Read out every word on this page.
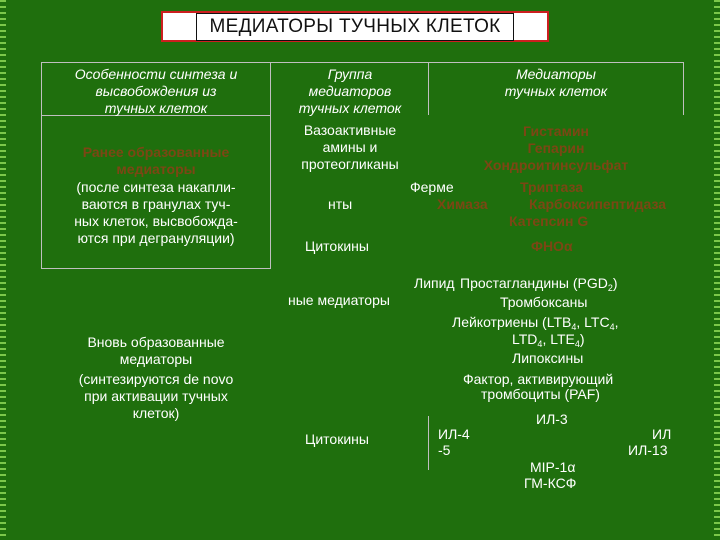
МЕДИАТОРЫ ТУЧНЫХ КЛЕТОК
Особенности синтеза и
высвобождения из
тучных клеток
Группа
медиаторов
тучных клеток
Медиаторы
тучных клеток
Ранее образованные
медиаторы
(после синтеза накапли-
ваются в гранулах туч-
ных клеток, высвобожда-
ются при дегрануляции)
Вазоактивные
амины и
протеогликаны
Ферме
нты
Цитокины
Гистамин
Гепарин
Хондроитинсульфат
Триптаза
Химаза	Карбоксипептидаза
Катепсин G
ФНОα
Вновь образованные
медиаторы
(синтезируются de novo
при активации тучных
клеток)
Липид
ные медиаторы
Цитокины
Простагландины $(PGD_2)$
Тромбоксаны
Лейкотриены ($LTB_4$, $LTC_4$,
$LTD_4$, $LTE_4$)
Липоксины
Фактор, активирующий
тромбоциты (PAF)
ИЛ-3
ИЛ-4
-5
ИЛ
ИЛ-13
MIP-1α
ГМ-КСФ
